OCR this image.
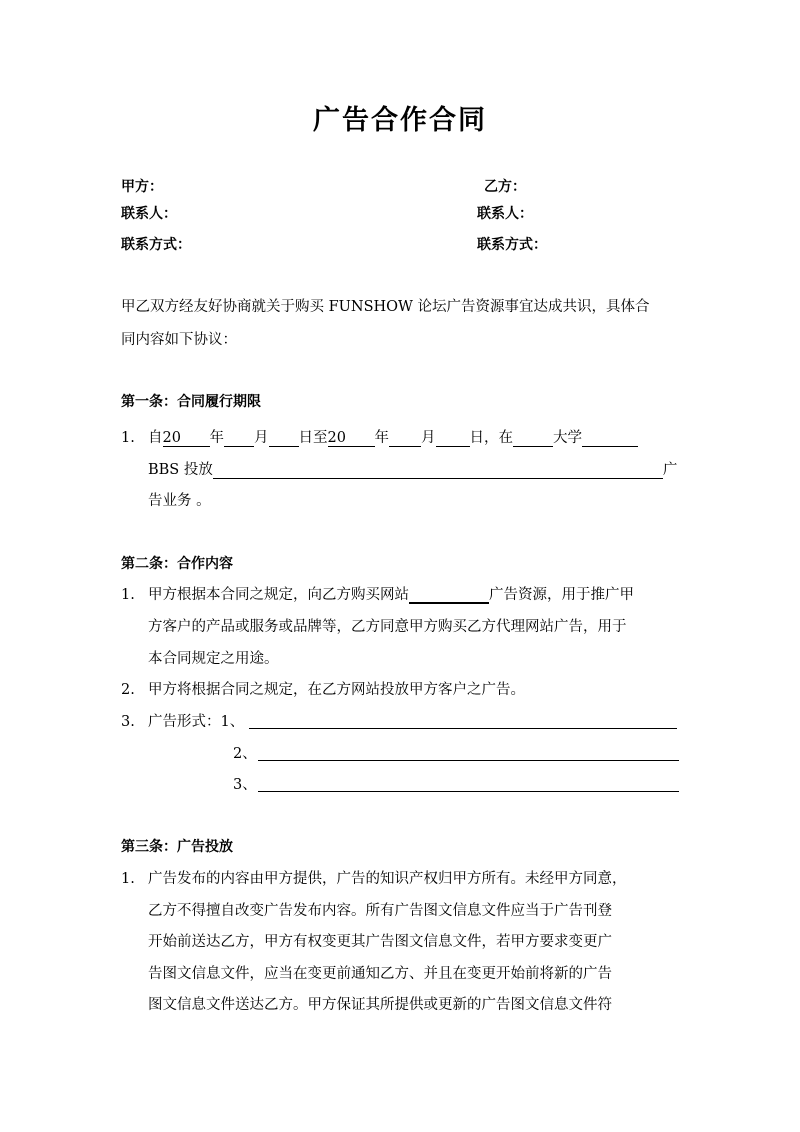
广告合作合同
甲方：	乙方：
联系人：	联系人：
联系方式：	联系方式：
甲乙双方经友好协商就关于购买 FUNSHOW 论坛广告资源事宜达成共识，具体合
同内容如下协议：
第一条：合同履行期限
1. 自20 年 月 日至20 年 月 日，在	大学
BBS 投放	广
告业务 。
第二条：合作内容
1. 甲方根据本合同之规定，向乙方购买网站	广告资源，用于推广甲
方客户的产品或服务或品牌等，乙方同意甲方购买乙方代理网站广告，用于
本合同规定之用途。
2. 甲方将根据合同之规定，在乙方网站投放甲方客户之广告。
3. 广告形式：1、
2、
3、
第三条：广告投放
1. 广告发布的内容由甲方提供，广告的知识产权归甲方所有。未经甲方同意，
乙方不得擅自改变广告发布内容。所有广告图文信息文件应当于广告刊登
开始前送达乙方，甲方有权变更其广告图文信息文件，若甲方要求变更广
告图文信息文件，应当在变更前通知乙方、并且在变更开始前将新的广告
图文信息文件送达乙方。甲方保证其所提供或更新的广告图文信息文件符
